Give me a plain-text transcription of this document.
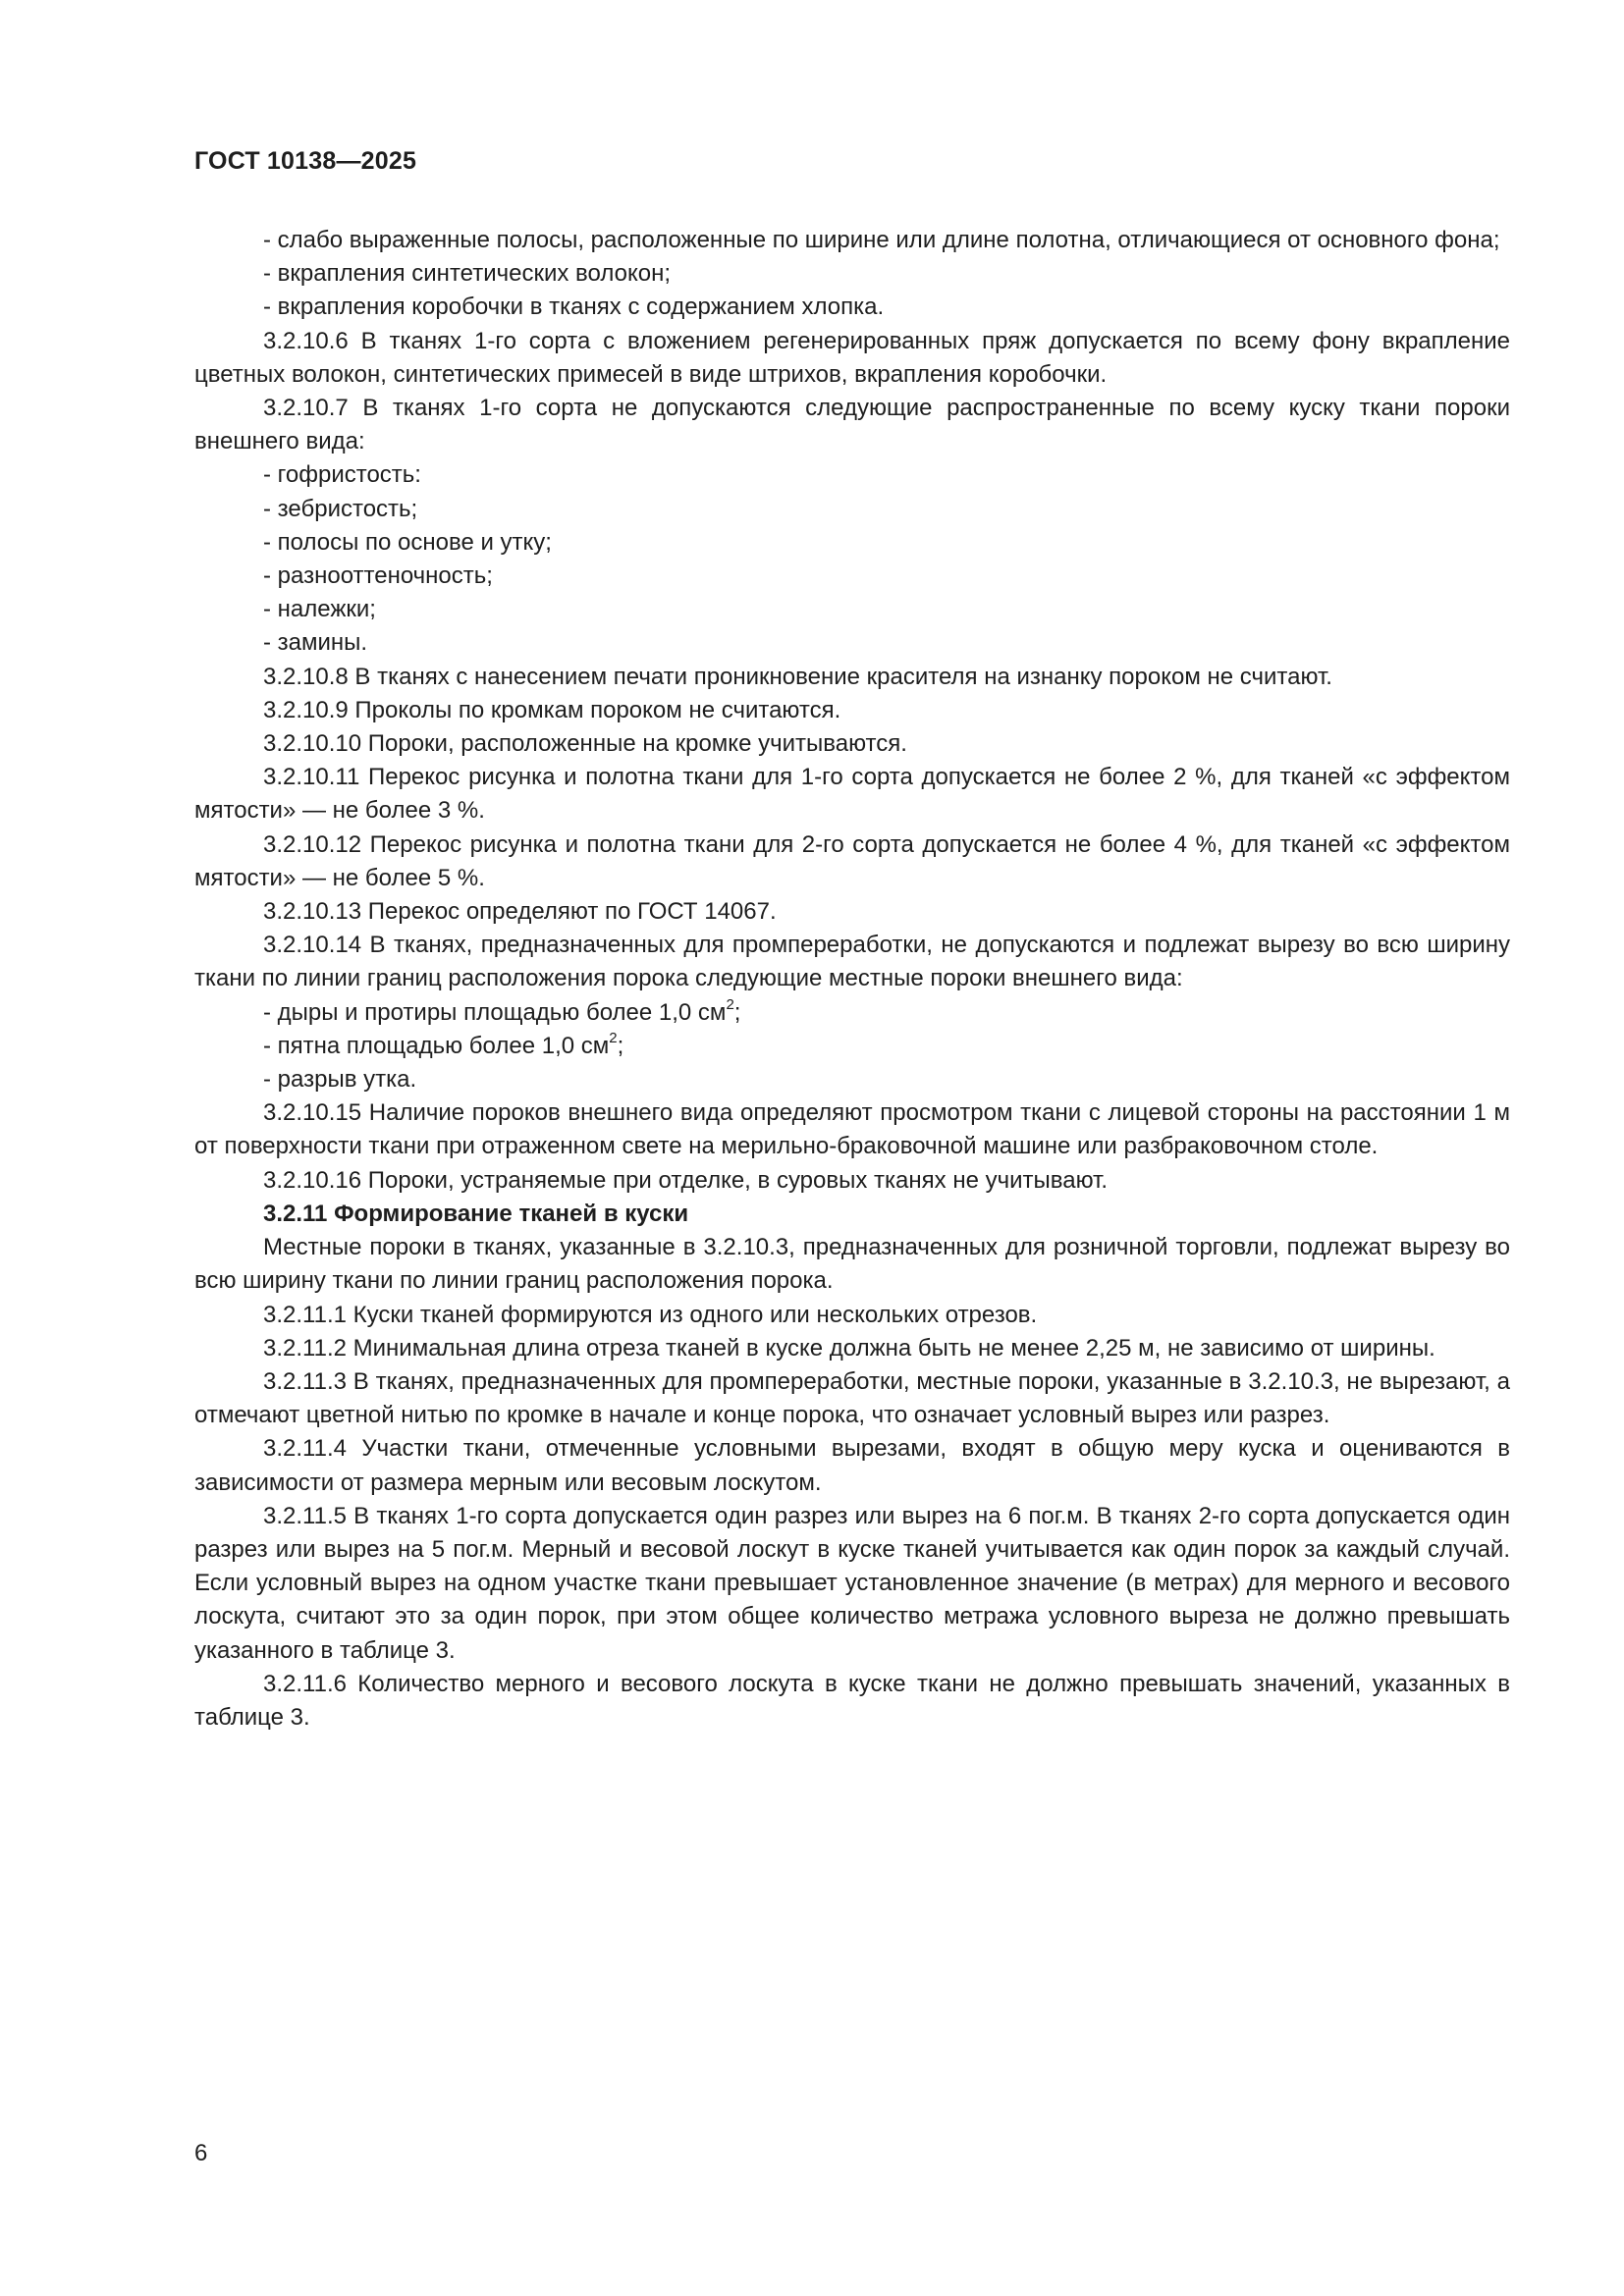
ГОСТ 10138—2025

- слабо выраженные полосы, расположенные по ширине или длине полотна, отличающиеся от основного фона;

- вкрапления синтетических волокон;

- вкрапления коробочки в тканях с содержанием хлопка.

3.2.10.6 В тканях 1-го сорта с вложением регенерированных пряж допускается по всему фону вкрапление цветных волокон, синтетических примесей в виде штрихов, вкрапления коробочки.

3.2.10.7 В тканях 1-го сорта не допускаются следующие распространенные по всему куску ткани пороки внешнего вида:

- гофристость:

- зебристость;

- полосы по основе и утку;

- разнооттеночность;

- належки;

- замины.

3.2.10.8 В тканях с нанесением печати проникновение красителя на изнанку пороком не считают.

3.2.10.9 Проколы по кромкам пороком не считаются.

3.2.10.10 Пороки, расположенные на кромке учитываются.

3.2.10.11 Перекос рисунка и полотна ткани для 1-го сорта допускается не более 2 %, для тканей «с эффектом мятости» — не более 3 %.

3.2.10.12 Перекос рисунка и полотна ткани для 2-го сорта допускается не более 4 %, для тканей «с эффектом мятости» — не более 5 %.

3.2.10.13 Перекос определяют по ГОСТ 14067.

3.2.10.14 В тканях, предназначенных для промпереработки, не допускаются и подлежат вырезу во всю ширину ткани по линии границ расположения порока следующие местные пороки внешнего вида:

- дыры и протиры площадью более 1,0 $см^2$;

- пятна площадью более 1,0 $см^2$;

- разрыв утка.

3.2.10.15 Наличие пороков внешнего вида определяют просмотром ткани с лицевой стороны на расстоянии 1 м от поверхности ткани при отраженном свете на мерильно-браковочной машине или разбраковочном столе.

3.2.10.16 Пороки, устраняемые при отделке, в суровых тканях не учитывают.

3.2.11 Формирование тканей в куски

Местные пороки в тканях, указанные в 3.2.10.3, предназначенных для розничной торговли, подлежат вырезу во всю ширину ткани по линии границ расположения порока.

3.2.11.1 Куски тканей формируются из одного или нескольких отрезов.

3.2.11.2 Минимальная длина отреза тканей в куске должна быть не менее 2,25 м, не зависимо от ширины.

3.2.11.3 В тканях, предназначенных для промпереработки, местные пороки, указанные в 3.2.10.3, не вырезают, а отмечают цветной нитью по кромке в начале и конце порока, что означает условный вырез или разрез.

3.2.11.4 Участки ткани, отмеченные условными вырезами, входят в общую меру куска и оцениваются в зависимости от размера мерным или весовым лоскутом.

3.2.11.5 В тканях 1-го сорта допускается один разрез или вырез на 6 пог.м. В тканях 2-го сорта допускается один разрез или вырез на 5 пог.м. Мерный и весовой лоскут в куске тканей учитывается как один порок за каждый случай. Если условный вырез на одном участке ткани превышает установленное значение (в метрах) для мерного и весового лоскута, считают это за один порок, при этом общее количество метража условного выреза не должно превышать указанного в таблице 3.

3.2.11.6 Количество мерного и весового лоскута в куске ткани не должно превышать значений, указанных в таблице 3.

6
